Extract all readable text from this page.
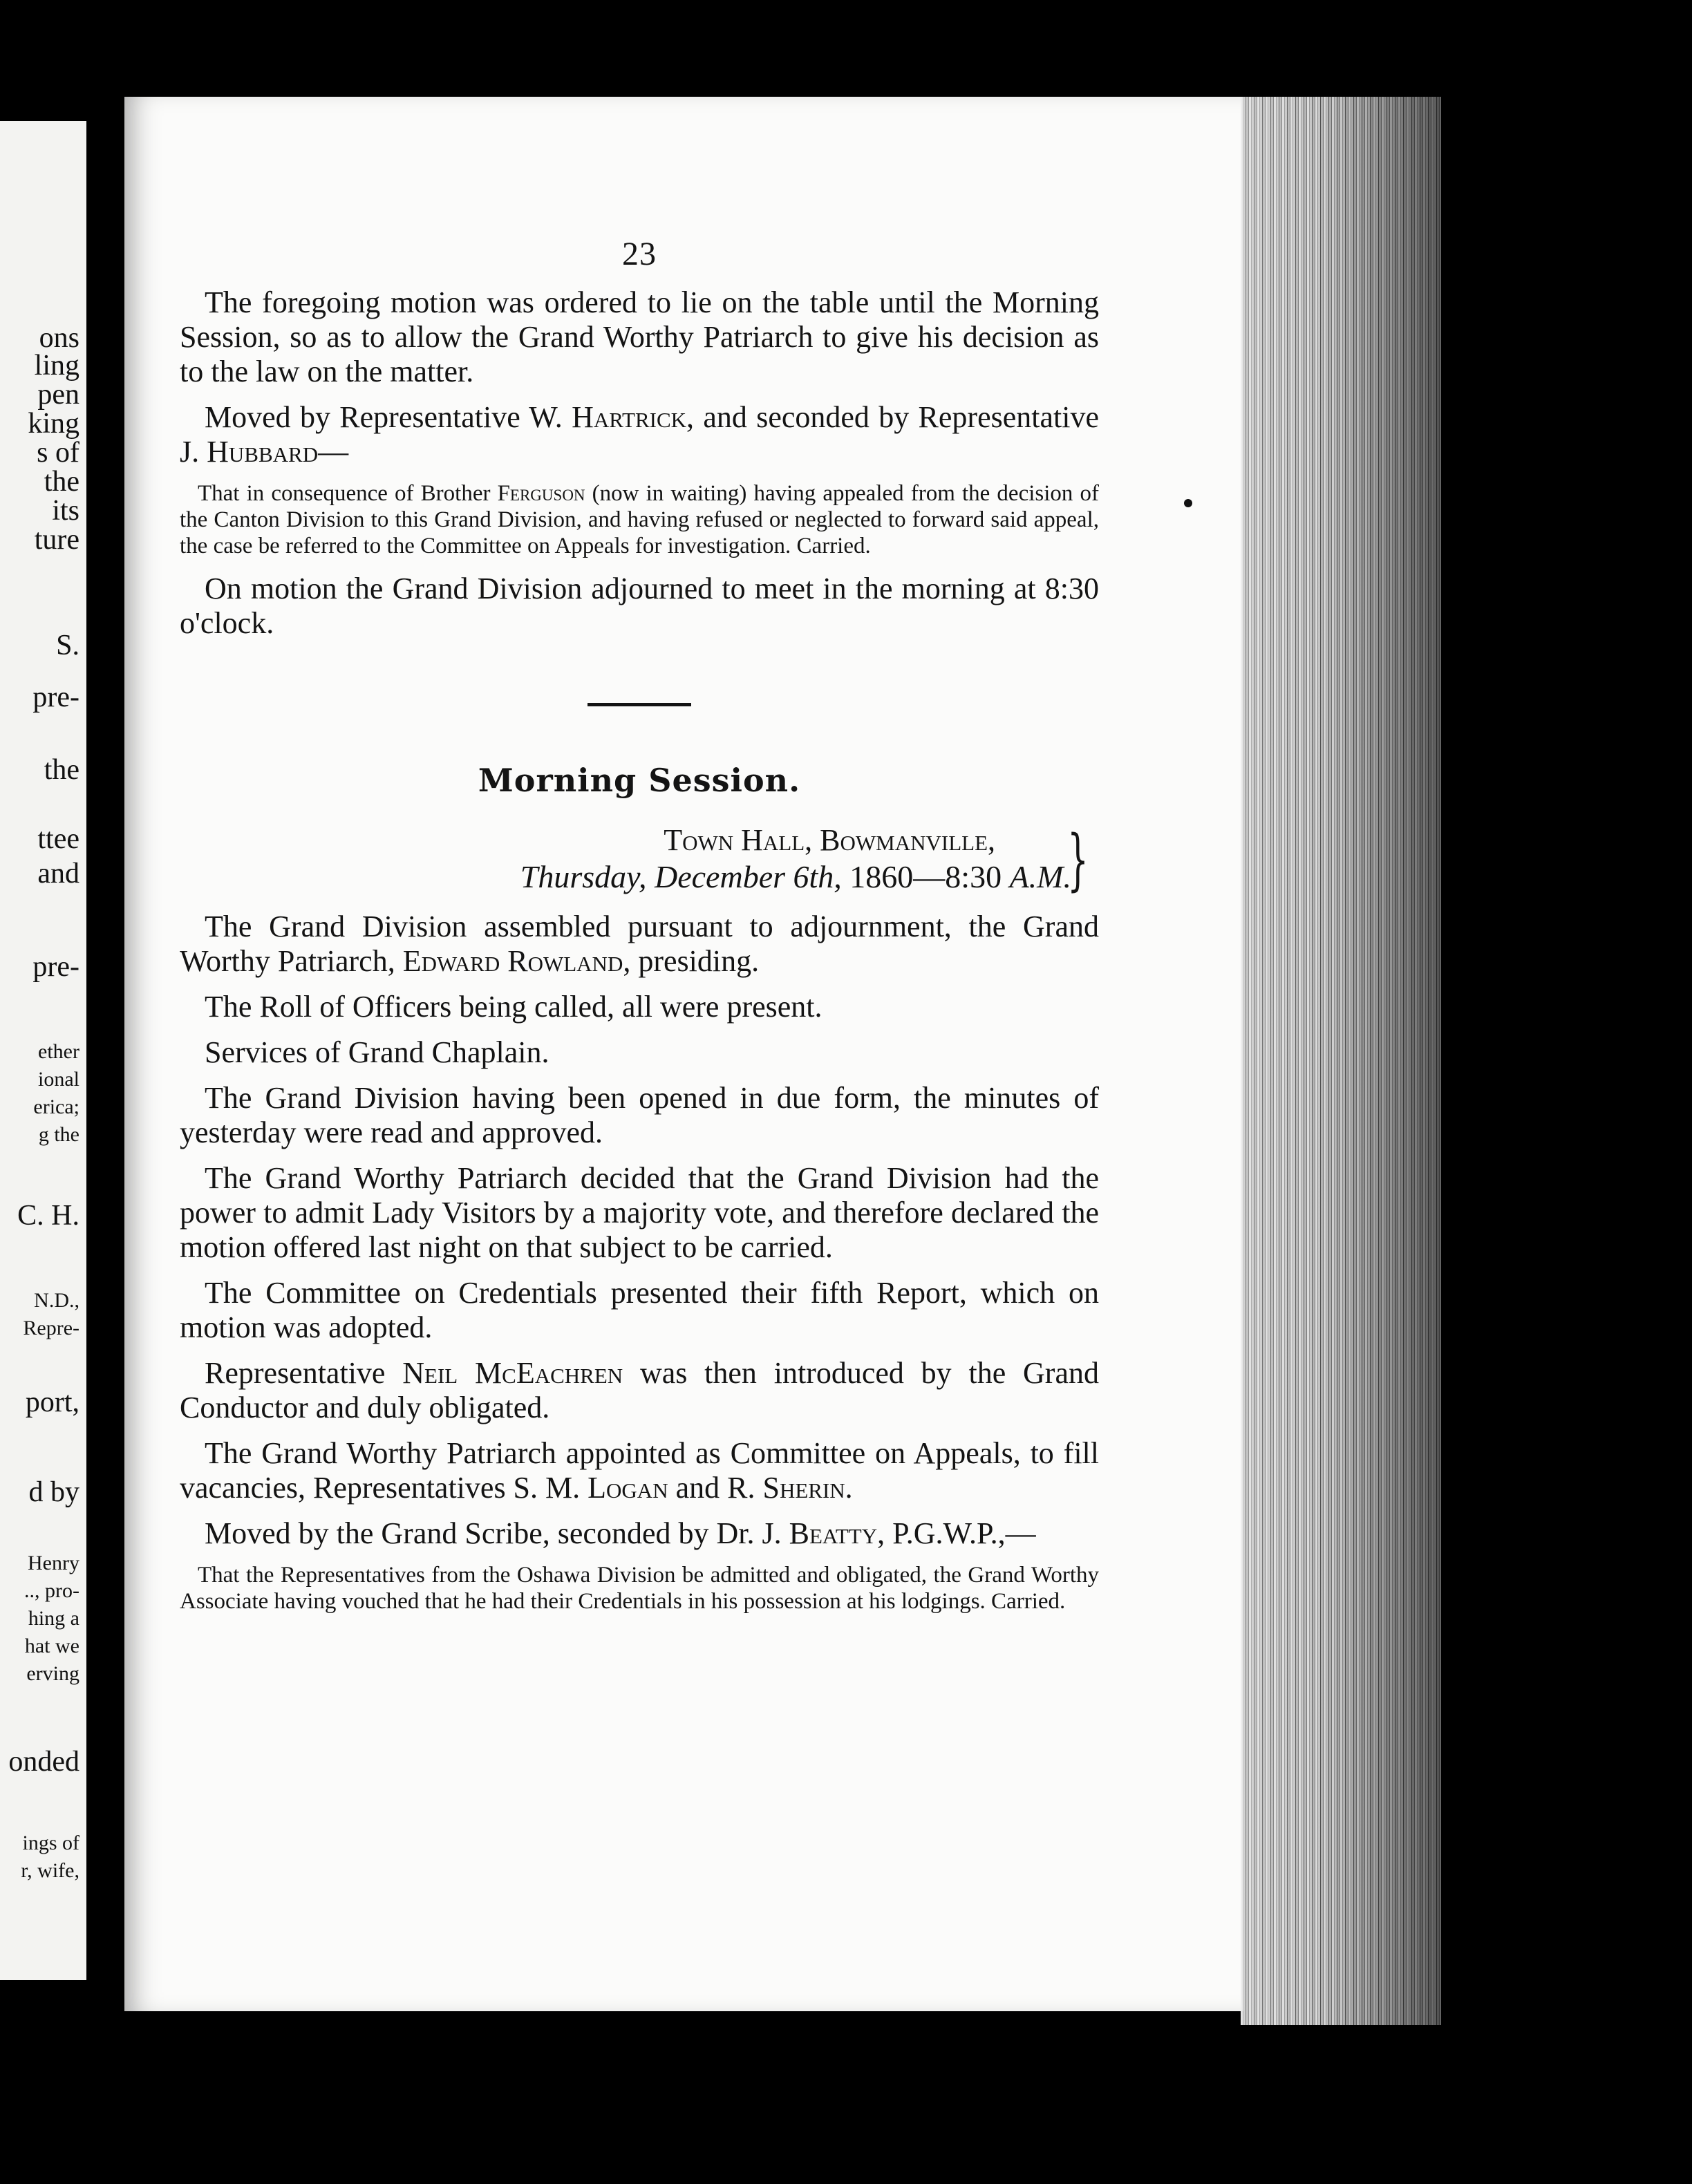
ons
ling
pen
king
s of
the
its
ture
S.
pre-
the
ttee
and
pre-
ether
ional
erica;
g the
C. H.
N.D.,
Repre-
port,
d by
Henry
.., pro-
hing a
hat we
erving
onded
ings of
r, wife,
23

The foregoing motion was ordered to lie on the table until the Morning Session, so as to allow the Grand Worthy Patriarch to give his decision as to the law on the matter.

Moved by Representative W. Hartrick, and seconded by Representative J. Hubbard—

That in consequence of Brother Ferguson (now in waiting) having appealed from the decision of the Canton Division to this Grand Division, and having refused or neglected to forward said appeal, the case be referred to the Committee on Appeals for investigation. Carried.

On motion the Grand Division adjourned to meet in the morning at 8:30 o'clock.

Morning Session.
Town Hall, Bowmanville,
Thursday, December 6th, 1860—8:30 A.M.
}

The Grand Division assembled pursuant to adjournment, the Grand Worthy Patriarch, Edward Rowland, presiding.

The Roll of Officers being called, all were present.

Services of Grand Chaplain.

The Grand Division having been opened in due form, the minutes of yesterday were read and approved.

The Grand Worthy Patriarch decided that the Grand Division had the power to admit Lady Visitors by a majority vote, and therefore declared the motion offered last night on that subject to be carried.

The Committee on Credentials presented their fifth Report, which on motion was adopted.

Representative Neil McEachren was then introduced by the Grand Conductor and duly obligated.

The Grand Worthy Patriarch appointed as Committee on Appeals, to fill vacancies, Representatives S. M. Logan and R. Sherin.

Moved by the Grand Scribe, seconded by Dr. J. Beatty, P.G.W.P.,—

That the Representatives from the Oshawa Division be admitted and obligated, the Grand Worthy Associate having vouched that he had their Credentials in his possession at his lodgings. Carried.
